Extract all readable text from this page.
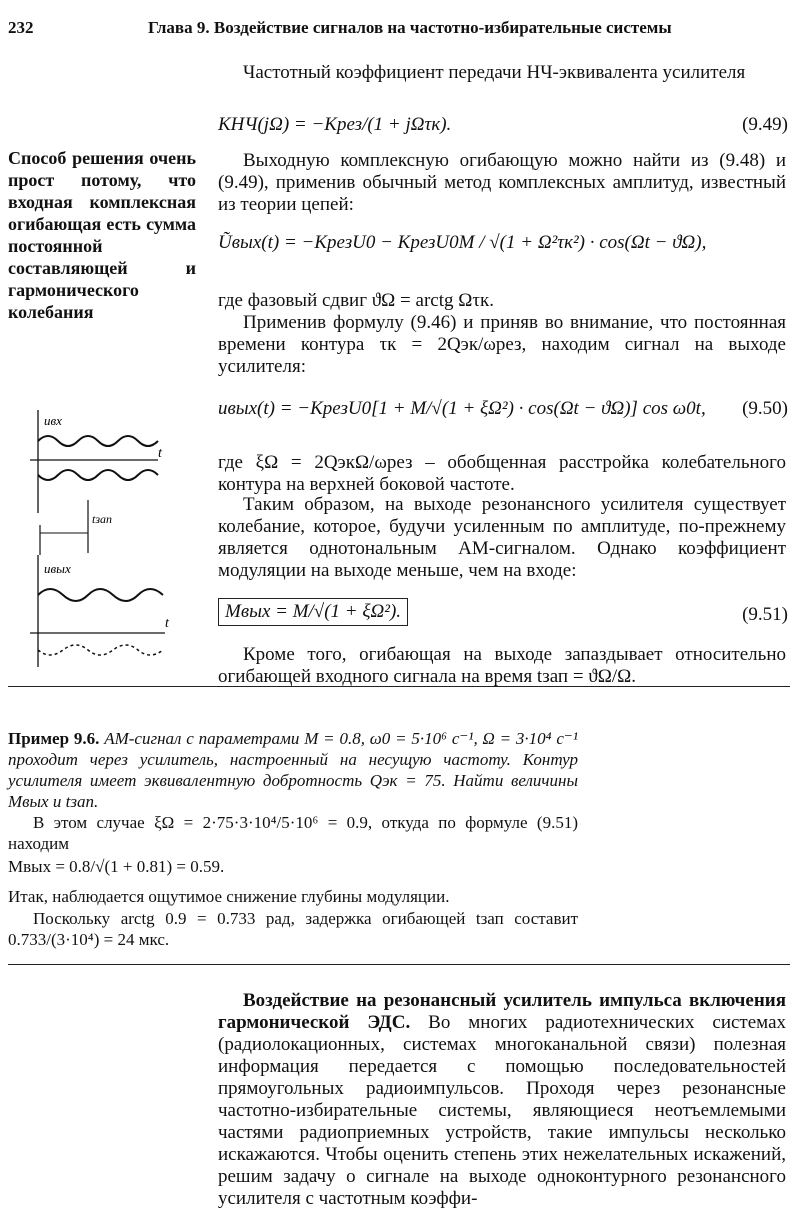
232	Глава 9. Воздействие сигналов на частотно-избирательные системы
Способ решения очень прост потому, что входная комплексная огибающая есть сумма постоянной составляющей и гармонического колебания
Частотный коэффициент передачи НЧ-эквивалента усилителя
KНЧ(jΩ) = −Kрез/(1 + jΩτк).	(9.49)
Выходную комплексную огибающую можно найти из (9.48) и (9.49), применив обычный метод комплексных амплитуд, известный из теории цепей:
Ũвых(t) = −KрезU0 − KрезU0M / √(1 + Ω²τк²) · cos(Ωt − ϑΩ),
где фазовый сдвиг ϑΩ = arctg Ωτк.
Применив формулу (9.46) и приняв во внимание, что постоянная времени контура τк = 2Qэк/ωрез, находим сигнал на выходе усилителя:
uвых(t) = −KрезU0[1 + M/√(1 + ξΩ²) · cos(Ωt − ϑΩ)] cos ω0t, (9.50)
где ξΩ = 2QэкΩ/ωрез – обобщенная расстройка колебательного контура на верхней боковой частоте.
Таким образом, на выходе резонансного усилителя существует колебание, которое, будучи усиленным по амплитуде, по-прежнему является однотональным АМ-сигналом. Однако коэффициент модуляции на выходе меньше, чем на входе:
Mвых = M/√(1 + ξΩ²).	(9.51)
Кроме того, огибающая на выходе запаздывает относительно огибающей входного сигнала на время tзап = ϑΩ/Ω.
uвх
t
tзап
uвых
t
Пример 9.6. АМ-сигнал с параметрами M = 0.8, ω0 = 5·10⁶ с⁻¹, Ω = 3·10⁴ с⁻¹ проходит через усилитель, настроенный на несущую частоту. Контур усилителя имеет эквивалентную добротность Qэк = 75. Найти величины Mвых и tзап.
В этом случае ξΩ = 2·75·3·10⁴/5·10⁶ = 0.9, откуда по формуле (9.51) находим
Mвых = 0.8/√(1 + 0.81) = 0.59.
Итак, наблюдается ощутимое снижение глубины модуляции.
Поскольку arctg 0.9 = 0.733 рад, задержка огибающей tзап составит 0.733/(3·10⁴) = 24 мкс.
Воздействие на резонансный усилитель импульса включения гармонической ЭДС. Во многих радиотехнических системах (радиолокационных, системах многоканальной связи) полезная информация передается с помощью последовательностей прямоугольных радиоимпульсов. Проходя через резонансные частотно-избирательные системы, являющиеся неотъемлемыми частями радиоприемных устройств, такие импульсы несколько искажаются. Чтобы оценить степень этих нежелательных искажений, решим задачу о сигнале на выходе одноконтурного резонансного усилителя с частотным коэффи-
